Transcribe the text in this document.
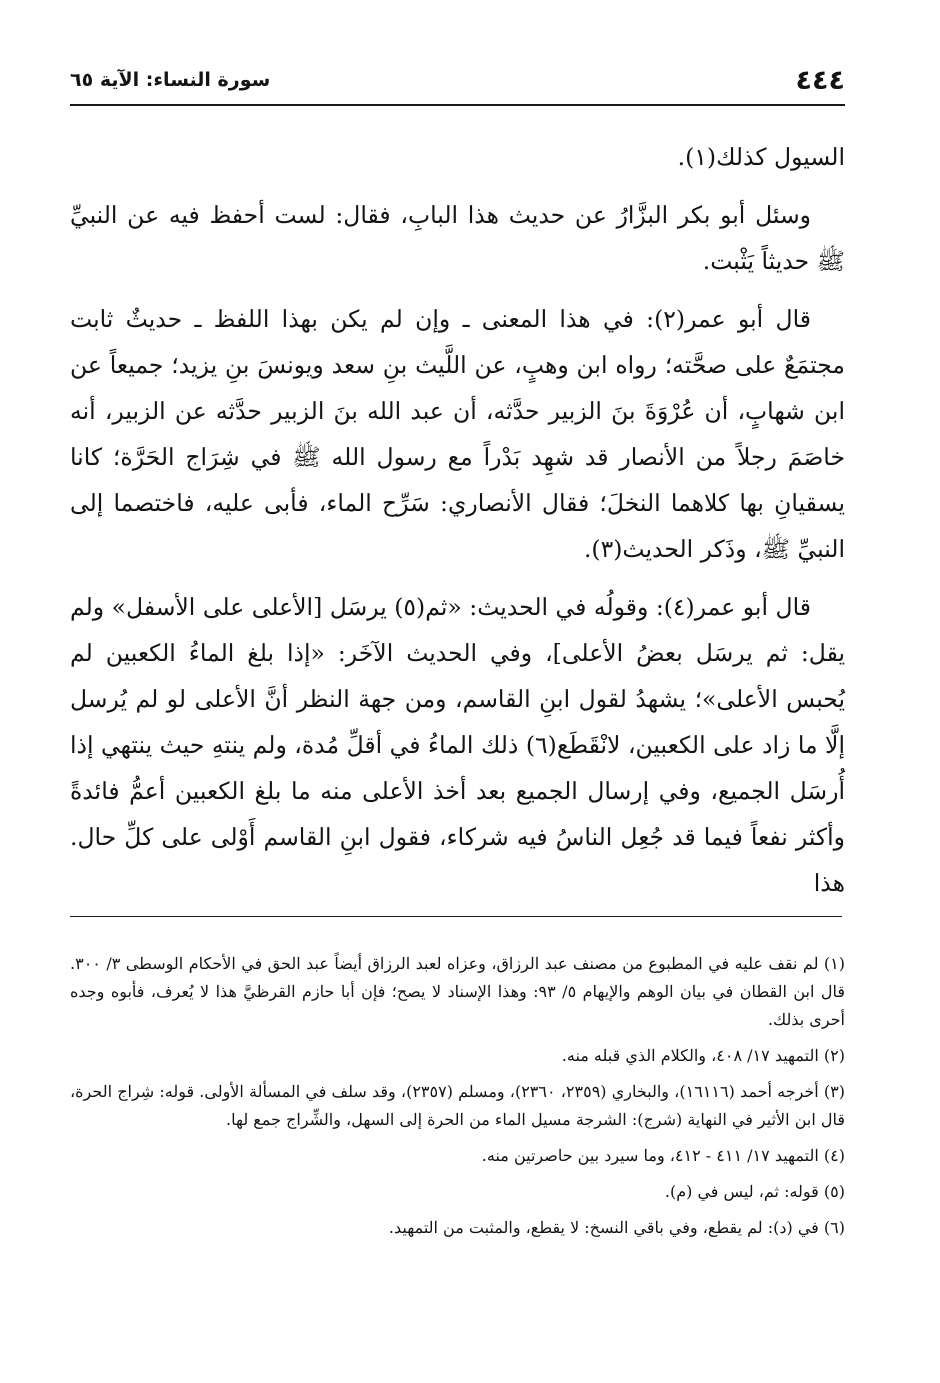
٤٤٤
سورة النساء: الآية ٦٥

السيول كذلك(١).

وسئل أبو بكر البزَّارُ عن حديث هذا البابِ، فقال: لست أحفظ فيه عن النبيِّ ﷺ حديثاً يَثْبت.

قال أبو عمر(٢): في هذا المعنى ـ وإن لم يكن بهذا اللفظ ـ حديثٌ ثابت مجتمَعٌ على صحَّته؛ رواه ابن وهبٍ، عن اللَّيث بنِ سعد ويونسَ بنِ يزيد؛ جميعاً عن ابن شهابٍ، أن عُرْوَةَ بنَ الزبير حدَّثه، أن عبد الله بنَ الزبير حدَّثه عن الزبير، أنه خاصَمَ رجلاً من الأنصار قد شهِد بَدْراً مع رسول الله ﷺ في شِرَاج الحَرَّة؛ كانا يسقيانِ بها كلاهما النخلَ؛ فقال الأنصاري: سَرِّح الماء، فأبى عليه، فاختصما إلى النبيِّ ﷺ، وذَكر الحديث(٣).

قال أبو عمر(٤): وقولُه في الحديث: «ثم(٥) يرسَل [الأعلى على الأسفل» ولم يقل: ثم يرسَل بعضُ الأعلى]، وفي الحديث الآخَر: «إذا بلغ الماءُ الكعبين لم يُحبس الأعلى»؛ يشهدُ لقول ابنِ القاسم، ومن جهة النظر أنَّ الأعلى لو لم يُرسل إلَّا ما زاد على الكعبين، لانْقَطَع(٦) ذلك الماءُ في أقلِّ مُدة، ولم ينتهِ حيث ينتهي إذا أُرسَل الجميع، وفي إرسال الجميع بعد أخذ الأعلى منه ما بلغ الكعبين أعمُّ فائدةً وأكثر نفعاً فيما قد جُعِل الناسُ فيه شركاء، فقول ابنِ القاسم أَوْلى على كلِّ حال. هذا

(١) لم نقف عليه في المطبوع من مصنف عبد الرزاق، وعزاه لعبد الرزاق أيضاً عبد الحق في الأحكام الوسطى ٣/ ٣٠٠. قال ابن القطان في بيان الوهم والإيهام ٥/ ٩٣: وهذا الإسناد لا يصح؛ فإن أبا حازم القرظيَّ هذا لا يُعرف، فأبوه وجده أحرى بذلك.

(٢) التمهيد ١٧/ ٤٠٨، والكلام الذي قبله منه.

(٣) أخرجه أحمد (١٦١١٦)، والبخاري (٢٣٥٩، ٢٣٦٠)، ومسلم (٢٣٥٧)، وقد سلف في المسألة الأولى. قوله: شِراج الحرة، قال ابن الأثير في النهاية (شرج): الشرجة مسيل الماء من الحرة إلى السهل، والشِّراج جمع لها.

(٤) التمهيد ١٧/ ٤١١ - ٤١٢، وما سيرد بين حاصرتين منه.

(٥) قوله: ثم، ليس في (م).

(٦) في (د): لم يقطع، وفي باقي النسخ: لا يقطع، والمثبت من التمهيد.
